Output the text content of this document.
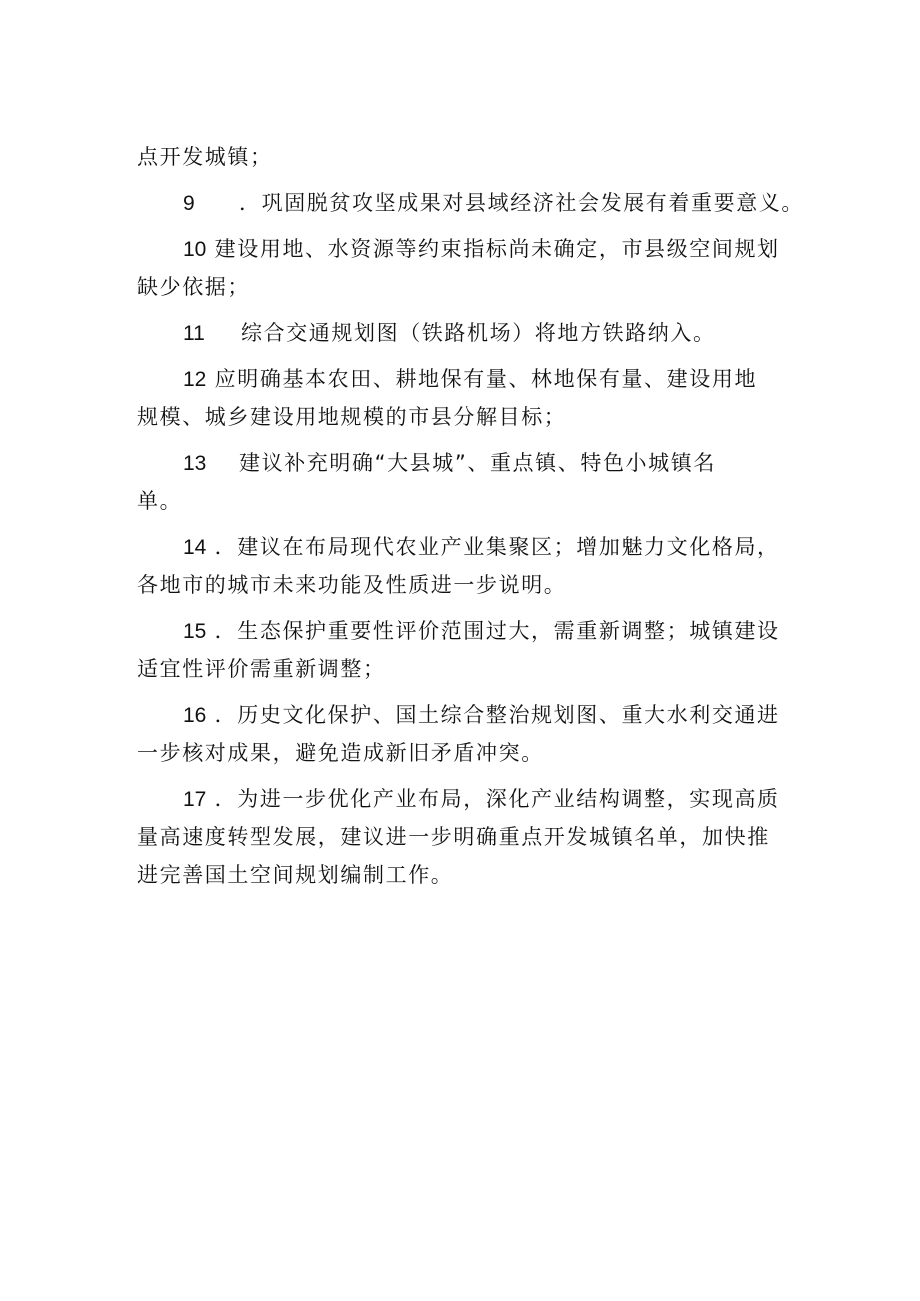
点开发城镇；
9 ．巩固脱贫攻坚成果对县域经济社会发展有着重要意义。
10 建设用地、水资源等约束指标尚未确定，市县级空间规划
缺少依据；
11 综合交通规划图（铁路机场）将地方铁路纳入。
12 应明确基本农田、耕地保有量、林地保有量、建设用地
规模、城乡建设用地规模的市县分解目标；
13 建议补充明确“大县城”、重点镇、特色小城镇名
单。
14 ．建议在布局现代农业产业集聚区；增加魅力文化格局，
各地市的城市未来功能及性质进一步说明。
15 ．生态保护重要性评价范围过大，需重新调整；城镇建设
适宜性评价需重新调整；
16 ．历史文化保护、国土综合整治规划图、重大水利交通进
一步核对成果，避免造成新旧矛盾冲突。
17 ．为进一步优化产业布局，深化产业结构调整，实现高质
量高速度转型发展，建议进一步明确重点开发城镇名单，加快推
进完善国土空间规划编制工作。
